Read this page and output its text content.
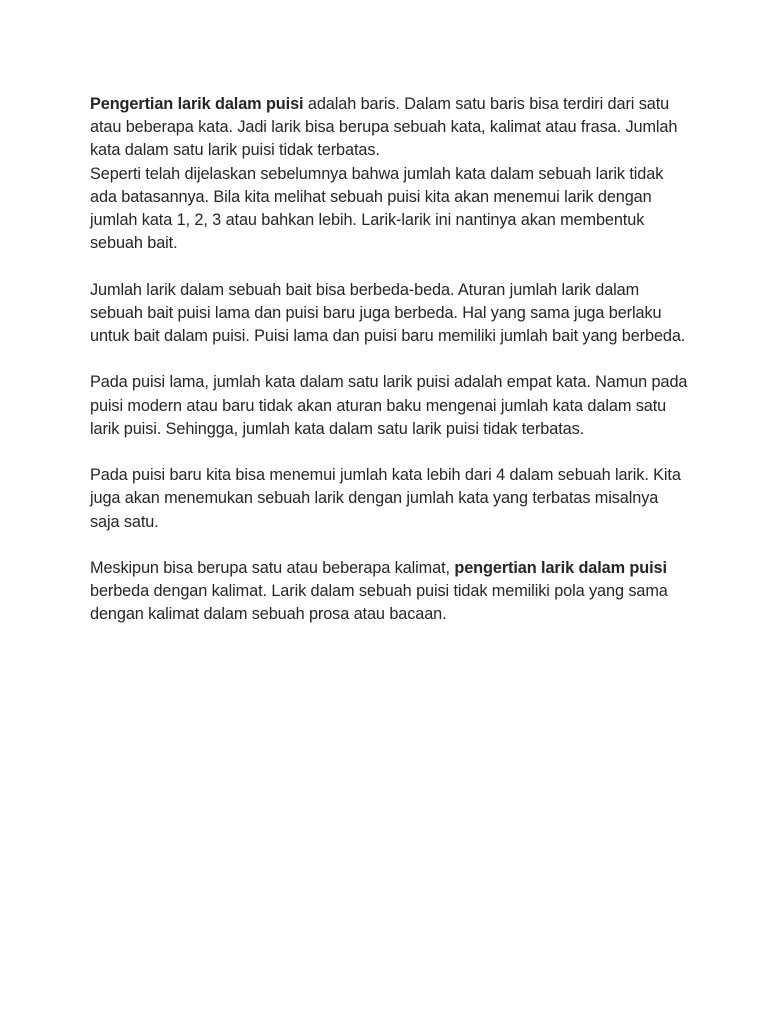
Pengertian larik dalam puisi adalah baris. Dalam satu baris bisa terdiri dari satu atau beberapa kata. Jadi larik bisa berupa sebuah kata, kalimat atau frasa. Jumlah kata dalam satu larik puisi tidak terbatas.
Seperti telah dijelaskan sebelumnya bahwa jumlah kata dalam sebuah larik tidak ada batasannya. Bila kita melihat sebuah puisi kita akan menemui larik dengan jumlah kata 1, 2, 3 atau bahkan lebih. Larik-larik ini nantinya akan membentuk sebuah bait.

Jumlah larik dalam sebuah bait bisa berbeda-beda. Aturan jumlah larik dalam sebuah bait puisi lama dan puisi baru juga berbeda. Hal yang sama juga berlaku untuk bait dalam puisi. Puisi lama dan puisi baru memiliki jumlah bait yang berbeda.

Pada puisi lama, jumlah kata dalam satu larik puisi adalah empat kata. Namun pada puisi modern atau baru tidak akan aturan baku mengenai jumlah kata dalam satu larik puisi. Sehingga, jumlah kata dalam satu larik puisi tidak terbatas.

Pada puisi baru kita bisa menemui jumlah kata lebih dari 4 dalam sebuah larik. Kita juga akan menemukan sebuah larik dengan jumlah kata yang terbatas misalnya saja satu.

Meskipun bisa berupa satu atau beberapa kalimat, pengertian larik dalam puisi berbeda dengan kalimat. Larik dalam sebuah puisi tidak memiliki pola yang sama dengan kalimat dalam sebuah prosa atau bacaan.
